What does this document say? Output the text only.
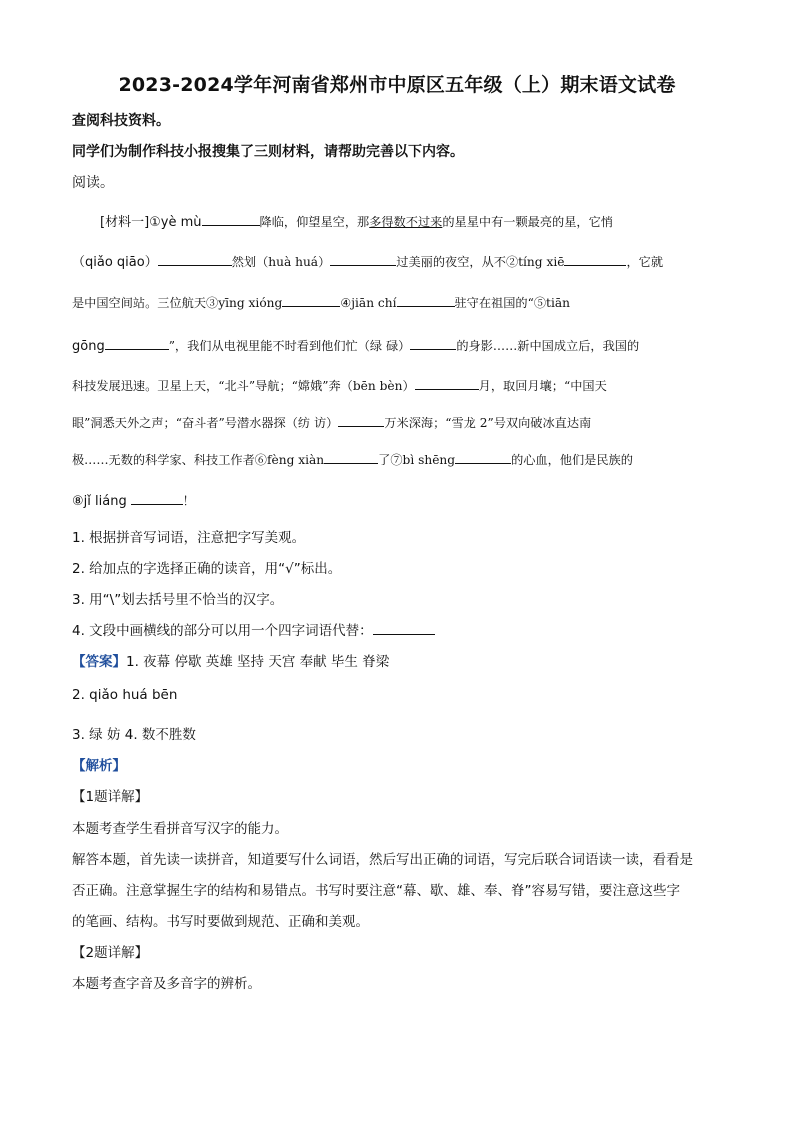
2023-2024学年河南省郑州市中原区五年级（上）期末语文试卷
查阅科技资料。
同学们为制作科技小报搜集了三则材料，请帮助完善以下内容。
阅读。
[材料一]①yè mù	降临，仰望星空，那多得数不过来的星星中有一颗最亮的星，它悄
（qiǎo qiāo）	然划（huà huá）	过美丽的夜空，从不②tíng xiē	，它就
是中国空间站。三位航天③yīng xióng	④jiān chí	驻守在祖国的“⑤tiān
gōng	”，我们从电视里能不时看到他们忙（绿 碌）	的身影……新中国成立后，我国的
科技发展迅速。卫星上天，“北斗”导航；“嫦娥”奔（bēn bèn）	月，取回月壤；“中国天
眼”洞悉天外之声；“奋斗者”号潜水器探（纺 访）	万米深海；“雪龙 2”号双向破冰直达南
极……无数的科学家、科技工作者⑥fèng xiàn	了⑦bì shēng	的心血，他们是民族的
⑧jǐ liáng	！
1. 根据拼音写词语，注意把字写美观。
2. 给加点的字选择正确的读音，用“√”标出。
3. 用“\”划去括号里不恰当的汉字。
4. 文段中画横线的部分可以用一个四字词语代替：
【答案】1. 夜幕 停歇 英雄 坚持 天宫 奉献 毕生 脊梁
2. qiǎo huá bēn
3. 绿 妨 4. 数不胜数
【解析】
【1题详解】
本题考查学生看拼音写汉字的能力。
解答本题，首先读一读拼音，知道要写什么词语，然后写出正确的词语，写完后联合词语读一读，看看是
否正确。注意掌握生字的结构和易错点。书写时要注意“幕、歇、雄、奉、脊”容易写错，要注意这些字
的笔画、结构。书写时要做到规范、正确和美观。
【2题详解】
本题考查字音及多音字的辨析。
